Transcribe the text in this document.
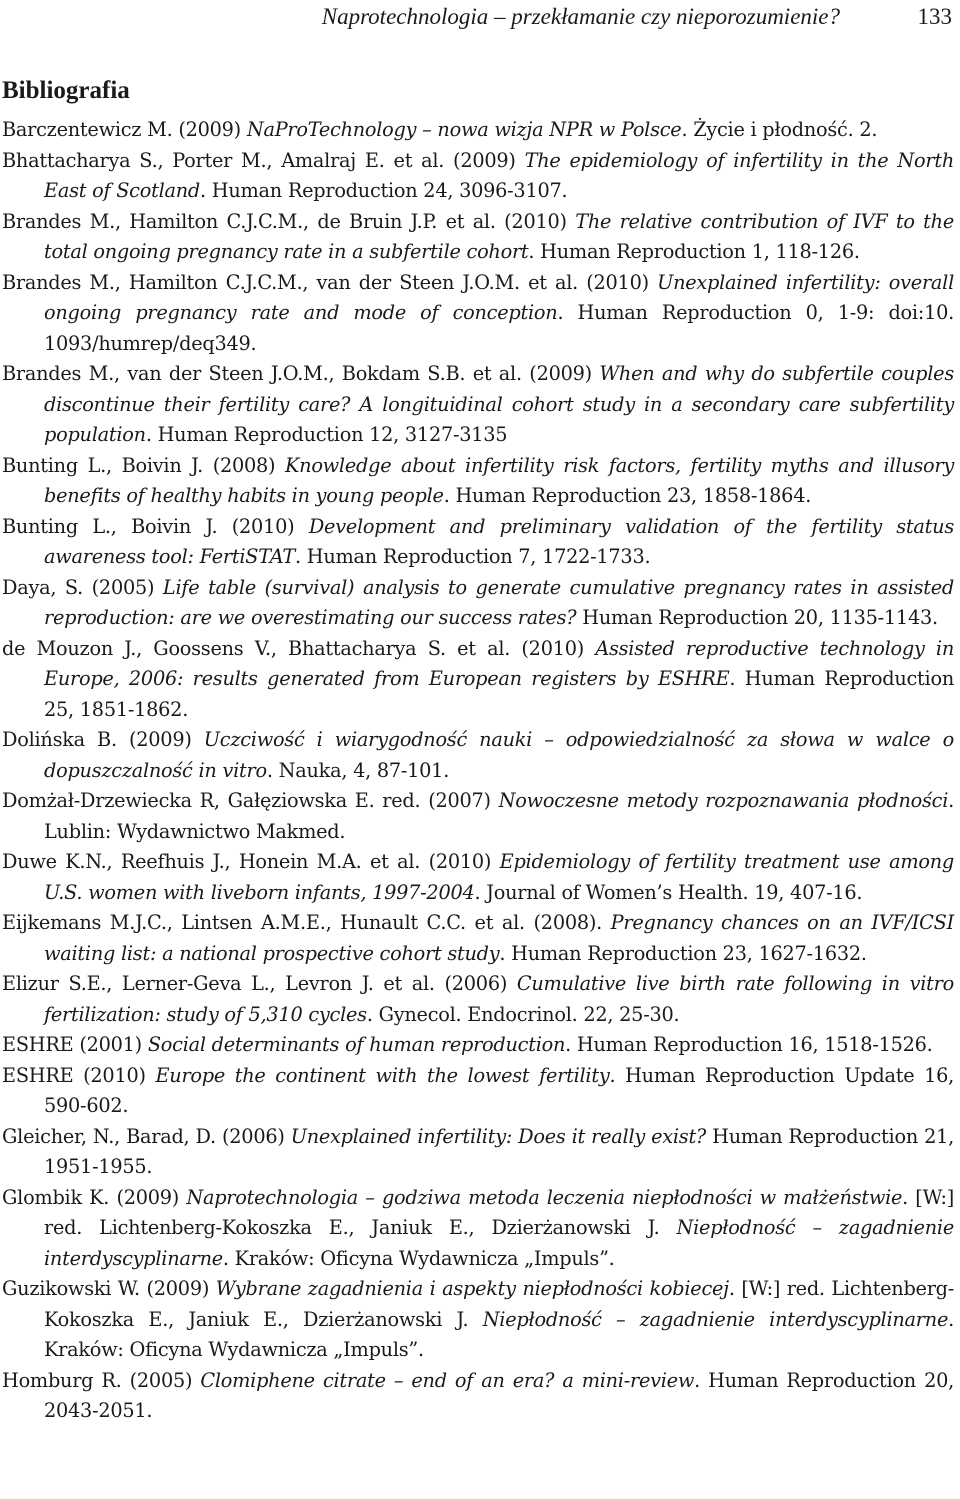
Naprotechnologia – przekłamanie czy nieporozumienie?	133
Bibliografia

Barczentewicz M. (2009) NaProTechnology – nowa wizja NPR w Polsce. Życie i płodność. 2.

Bhattacharya S., Porter M., Amalraj E. et al. (2009) The epidemiology of infertility in the North East of Scotland. Human Reproduction 24, 3096-3107.

Brandes M., Hamilton C.J.C.M., de Bruin J.P. et al. (2010) The relative contribution of IVF to the total ongoing pregnancy rate in a subfertile cohort. Human Reproduction 1, 118-126.

Brandes M., Hamilton C.J.C.M., van der Steen J.O.M. et al. (2010) Unexplained infertility: overall ongoing pregnancy rate and mode of conception. Human Reproduction 0, 1-9: doi:10. 1093/humrep/deq349.

Brandes M., van der Steen J.O.M., Bokdam S.B. et al. (2009) When and why do subfertile couples discontinue their fertility care? A longituidinal cohort study in a secondary care subfertility population. Human Reproduction 12, 3127-3135

Bunting L., Boivin J. (2008) Knowledge about infertility risk factors, fertility myths and illusory benefits of healthy habits in young people. Human Reproduction 23, 1858-1864.

Bunting L., Boivin J. (2010) Development and preliminary validation of the fertility status awareness tool: FertiSTAT. Human Reproduction 7, 1722-1733.

Daya, S. (2005) Life table (survival) analysis to generate cumulative pregnancy rates in assisted reproduction: are we overestimating our success rates? Human Reproduction 20, 1135-1143.

de Mouzon J., Goossens V., Bhattacharya S. et al. (2010) Assisted reproductive technology in Europe, 2006: results generated from European registers by ESHRE. Human Reproduction 25, 1851-1862.

Dolińska B. (2009) Uczciwość i wiarygodność nauki – odpowiedzialność za słowa w walce o dopuszczalność in vitro. Nauka, 4, 87-101.

Domżał-Drzewiecka R, Gałęziowska E. red. (2007) Nowoczesne metody rozpoznawania płodności. Lublin: Wydawnictwo Makmed.

Duwe K.N., Reefhuis J., Honein M.A. et al. (2010) Epidemiology of fertility treatment use among U.S. women with liveborn infants, 1997-2004. Journal of Women’s Health. 19, 407-16.

Eijkemans M.J.C., Lintsen A.M.E., Hunault C.C. et al. (2008). Pregnancy chances on an IVF/ICSI waiting list: a national prospective cohort study. Human Reproduction 23, 1627-1632.

Elizur S.E., Lerner-Geva L., Levron J. et al. (2006) Cumulative live birth rate following in vitro fertilization: study of 5,310 cycles. Gynecol. Endocrinol. 22, 25-30.

ESHRE (2001) Social determinants of human reproduction. Human Reproduction 16, 1518-1526.

ESHRE (2010) Europe the continent with the lowest fertility. Human Reproduction Update 16, 590-602.

Gleicher, N., Barad, D. (2006) Unexplained infertility: Does it really exist? Human Reproduction 21, 1951-1955.

Glombik K. (2009) Naprotechnologia – godziwa metoda leczenia niepłodności w małżeństwie. [W:] red. Lichtenberg-Kokoszka E., Janiuk E., Dzierżanowski J. Niepłodność – zagadnienie interdyscyplinarne. Kraków: Oficyna Wydawnicza „Impuls”.

Guzikowski W. (2009) Wybrane zagadnienia i aspekty niepłodności kobiecej. [W:] red. Lichtenberg-Kokoszka E., Janiuk E., Dzierżanowski J. Niepłodność – zagadnienie interdyscyplinarne. Kraków: Oficyna Wydawnicza „Impuls”.

Homburg R. (2005) Clomiphene citrate – end of an era? a mini-review. Human Reproduction 20, 2043-2051.
